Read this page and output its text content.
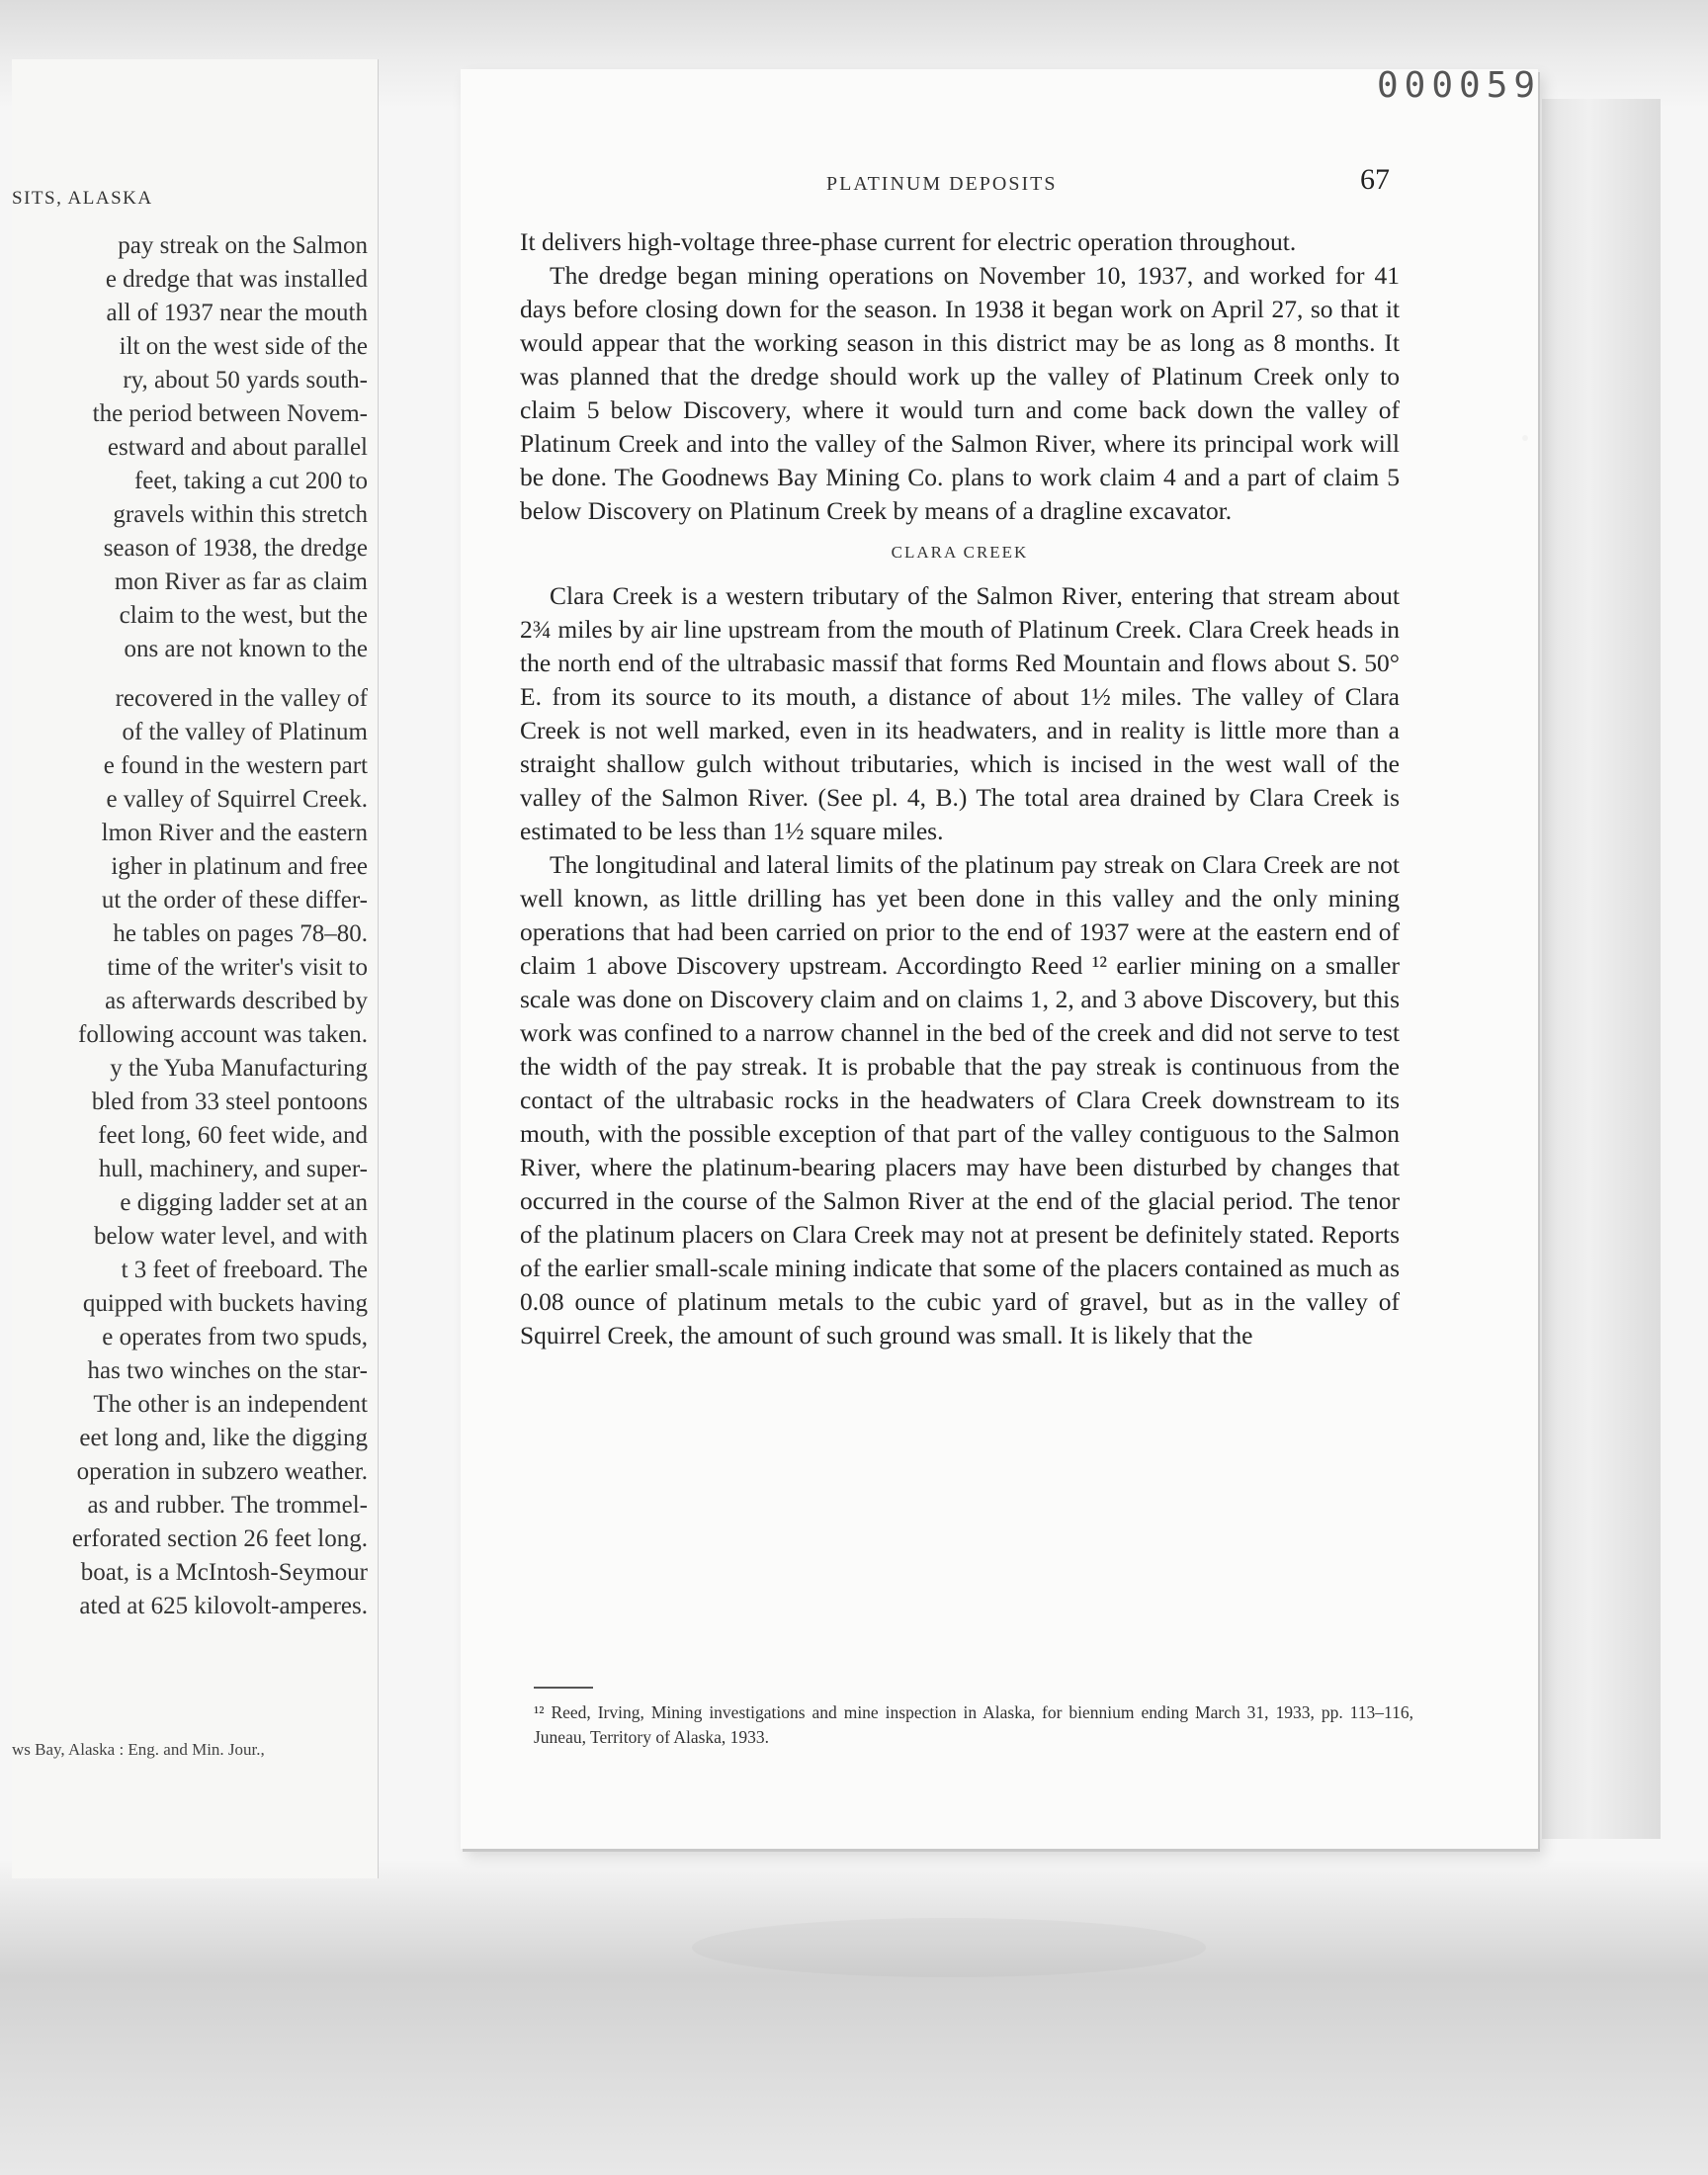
SITS, ALASKA
pay streak on the Salmon
e dredge that was installed
all of 1937 near the mouth
ilt on the west side of the
ry, about 50 yards south-
the period between Novem-
estward and about parallel
feet, taking a cut 200 to
gravels within this stretch
season of 1938, the dredge
mon River as far as claim
claim to the west, but the
ons are not known to the
recovered in the valley of
of the valley of Platinum
e found in the western part
e valley of Squirrel Creek.
lmon River and the eastern
igher in platinum and free
ut the order of these differ-
he tables on pages 78–80.
time of the writer's visit to
as afterwards described by
following account was taken.
y the Yuba Manufacturing
bled from 33 steel pontoons
feet long, 60 feet wide, and
hull, machinery, and super-
e digging ladder set at an
below water level, and with
t 3 feet of freeboard. The
quipped with buckets having
e operates from two spuds,
has two winches on the star-
The other is an independent
eet long and, like the digging
operation in subzero weather.
as and rubber. The trommel-
erforated section 26 feet long.
boat, is a McIntosh-Seymour
ated at 625 kilovolt-amperes.
ws Bay, Alaska : Eng. and Min. Jour.,
000059
PLATINUM DEPOSITS	67

It delivers high-voltage three-phase current for electric operation throughout.

The dredge began mining operations on November 10, 1937, and worked for 41 days before closing down for the season. In 1938 it began work on April 27, so that it would appear that the working season in this district may be as long as 8 months. It was planned that the dredge should work up the valley of Platinum Creek only to claim 5 below Discovery, where it would turn and come back down the valley of Platinum Creek and into the valley of the Salmon River, where its principal work will be done. The Goodnews Bay Mining Co. plans to work claim 4 and a part of claim 5 below Discovery on Platinum Creek by means of a dragline excavator.

CLARA CREEK

Clara Creek is a western tributary of the Salmon River, entering that stream about 2¾ miles by air line upstream from the mouth of Platinum Creek. Clara Creek heads in the north end of the ultrabasic massif that forms Red Mountain and flows about S. 50° E. from its source to its mouth, a distance of about 1½ miles. The valley of Clara Creek is not well marked, even in its headwaters, and in reality is little more than a straight shallow gulch without tributaries, which is incised in the west wall of the valley of the Salmon River. (See pl. 4, B.) The total area drained by Clara Creek is estimated to be less than 1½ square miles.

The longitudinal and lateral limits of the platinum pay streak on Clara Creek are not well known, as little drilling has yet been done in this valley and the only mining operations that had been carried on prior to the end of 1937 were at the eastern end of claim 1 above Discovery upstream. Accordingto Reed ¹² earlier mining on a smaller scale was done on Discovery claim and on claims 1, 2, and 3 above Discovery, but this work was confined to a narrow channel in the bed of the creek and did not serve to test the width of the pay streak. It is probable that the pay streak is continuous from the contact of the ultrabasic rocks in the headwaters of Clara Creek downstream to its mouth, with the possible exception of that part of the valley contiguous to the Salmon River, where the platinum-bearing placers may have been disturbed by changes that occurred in the course of the Salmon River at the end of the glacial period. The tenor of the platinum placers on Clara Creek may not at present be definitely stated. Reports of the earlier small-scale mining indicate that some of the placers contained as much as 0.08 ounce of platinum metals to the cubic yard of gravel, but as in the valley of Squirrel Creek, the amount of such ground was small. It is likely that the

¹² Reed, Irving, Mining investigations and mine inspection in Alaska, for biennium ending March 31, 1933, pp. 113–116, Juneau, Territory of Alaska, 1933.
